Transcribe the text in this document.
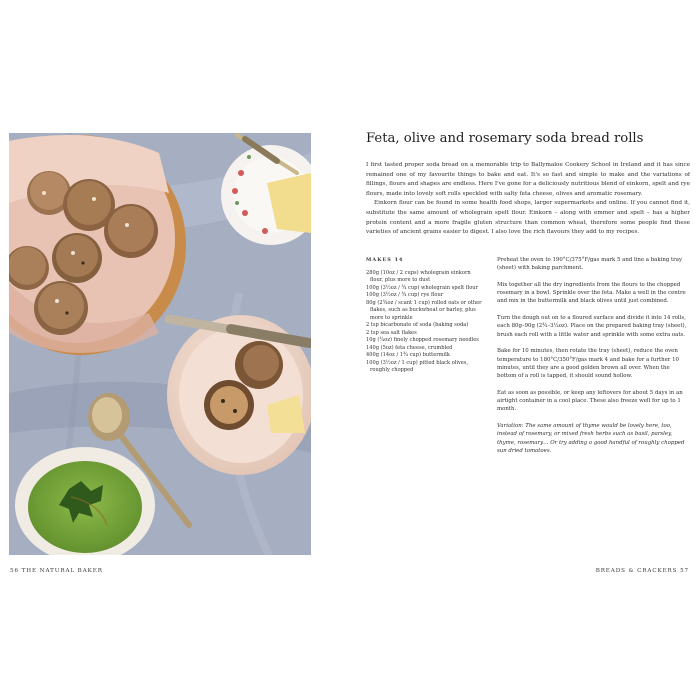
56 THE NATURAL BAKER	BREADS & CRACKERS 57
Feta, olive and rosemary soda bread rolls

I first tasted proper soda bread on a memorable trip to Ballymaloe Cookery School in Ireland and it has since remained one of my favourite things to bake and eat. It's so fast and simple to make and the variations of fillings, flours and shapes are endless. Here I've gone for a deliciously nutritious blend of einkorn, spelt and rye flours, made into lovely soft rolls speckled with salty feta cheese, olives and aromatic rosemary.

Einkorn flour can be found in some health food shops, larger supermarkets and online. If you cannot find it, substitute the same amount of wholegrain spelt flour. Einkorn – along with emmer and spelt – has a higher protein content and a more fragile gluten structure than common wheat, therefore some people find these varieties of ancient grains easier to digest. I also love the rich flavours they add to my recipes.

MAKES 14
280g (10oz / 2 cups) wholegrain einkorn flour, plus more to dust
100g (3½oz / ¾ cup) wholegrain spelt flour
100g (3½oz / ¾ cup) rye flour
80g (2¾oz / scant 1 cup) rolled oats or other flakes, such as buckwheat or barley, plus more to sprinkle
2 tsp bicarbonate of soda (baking soda)
2 tsp sea salt flakes
10g (¼oz) finely chopped rosemary needles
140g (5oz) feta cheese, crumbled
400g (14oz / 1¾ cup) buttermilk
100g (3½oz / 1 cup) pitted black olives, roughly chopped

Preheat the oven to 190°C/375°F/gas mark 5 and line a baking tray (sheet) with baking parchment.

Mix together all the dry ingredients from the flours to the chopped rosemary in a bowl. Sprinkle over the feta. Make a well in the centre and mix in the buttermilk and black olives until just combined.

Turn the dough out on to a floured surface and divide it into 14 rolls, each 80g–90g (2¾–3¼oz). Place on the prepared baking tray (sheet), brush each roll with a little water and sprinkle with some extra oats.

Bake for 10 minutes, then rotate the tray (sheet), reduce the oven temperature to 180°C/350°F/gas mark 4 and bake for a further 10 minutes, until they are a good golden brown all over. When the bottom of a roll is tapped, it should sound hollow.

Eat as soon as possible, or keep any leftovers for about 5 days in an airtight container in a cool place. These also freeze well for up to 1 month.

Variation: The same amount of thyme would be lovely here, too, instead of rosemary, or mixed fresh herbs such as basil, parsley, thyme, rosemary… Or try adding a good handful of roughly chopped sun dried tomatoes.
